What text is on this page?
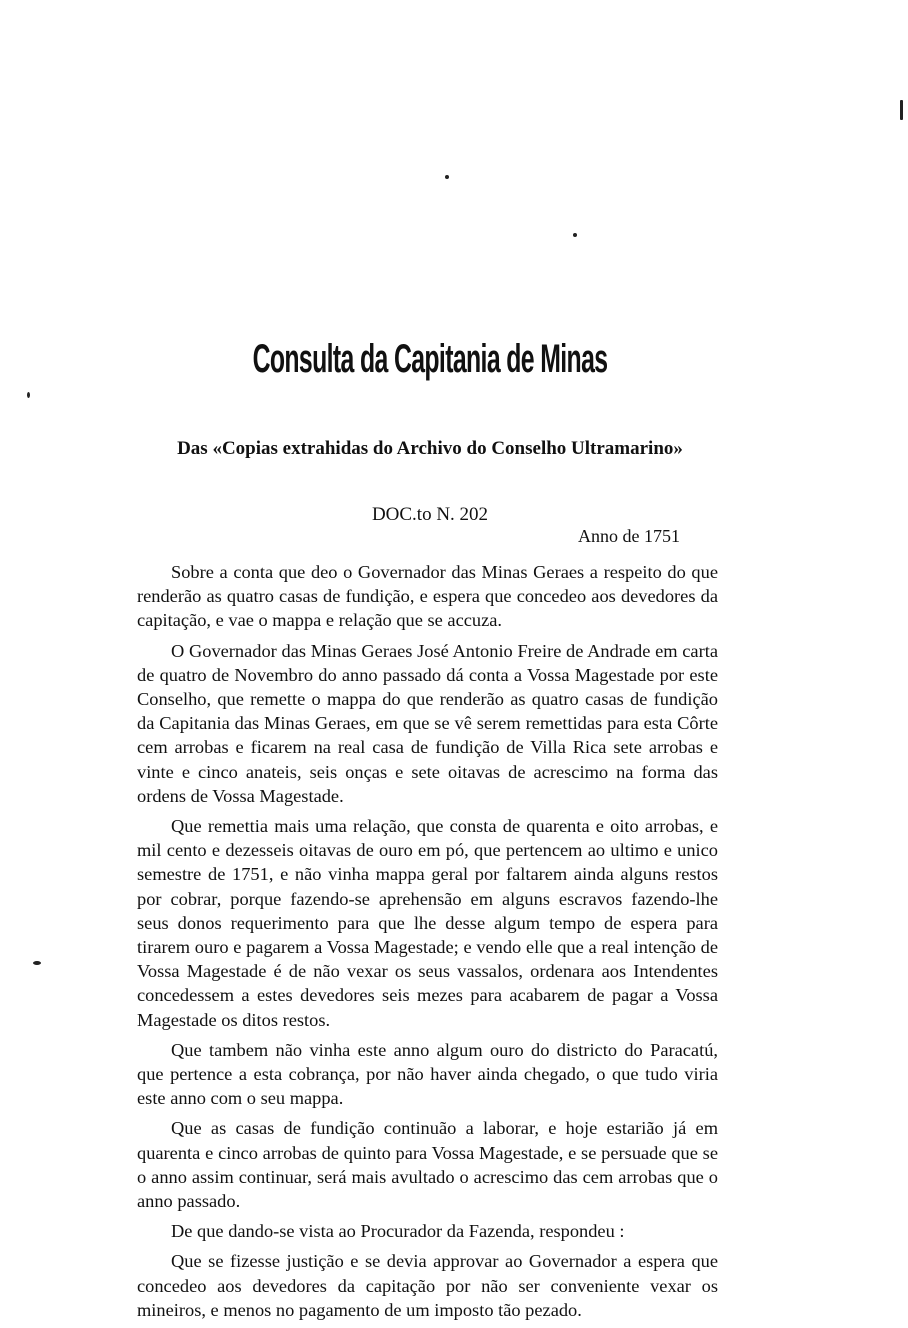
Consulta da Capitania de Minas
Das «Copias extrahidas do Archivo do Conselho Ultramarino»
DOC.to N. 202
Anno de 1751

Sobre a conta que deo o Governador das Minas Geraes a respeito do que renderão as quatro casas de fundição, e espera que concedeo aos devedores da capitação, e vae o mappa e relação que se accuza.

O Governador das Minas Geraes José Antonio Freire de Andrade em carta de quatro de Novembro do anno passado dá conta a Vossa Magestade por este Conselho, que remette o mappa do que renderão as quatro casas de fundição da Capitania das Minas Geraes, em que se vê serem remettidas para esta Côrte cem arrobas e ficarem na real casa de fundição de Villa Rica sete arrobas e vinte e cinco anateis, seis onças e sete oitavas de acrescimo na forma das ordens de Vossa Magestade.

Que remettia mais uma relação, que consta de quarenta e oito arrobas, e mil cento e dezesseis oitavas de ouro em pó, que pertencem ao ultimo e unico semestre de 1751, e não vinha mappa geral por faltarem ainda alguns restos por cobrar, porque fazendo-se aprehensão em alguns escravos fazendo-lhe seus donos requerimento para que lhe desse algum tempo de espera para tirarem ouro e pagarem a Vossa Magestade; e vendo elle que a real intenção de Vossa Magestade é de não vexar os seus vassalos, ordenara aos Intendentes concedessem a estes devedores seis mezes para acabarem de pagar a Vossa Magestade os ditos restos.

Que tambem não vinha este anno algum ouro do districto do Paracatú, que pertence a esta cobrança, por não haver ainda chegado, o que tudo viria este anno com o seu mappa.

Que as casas de fundição continuão a laborar, e hoje estarião já em quarenta e cinco arrobas de quinto para Vossa Magestade, e se persuade que se o anno assim continuar, será mais avultado o acrescimo das cem arrobas que o anno passado.

De que dando-se vista ao Procurador da Fazenda, respondeu :

Que se fizesse justição e se devia approvar ao Governador a espera que concedeo aos devedores da capitação por não ser conveniente vexar os mineiros, e menos no pagamento de um imposto tão pezado.
